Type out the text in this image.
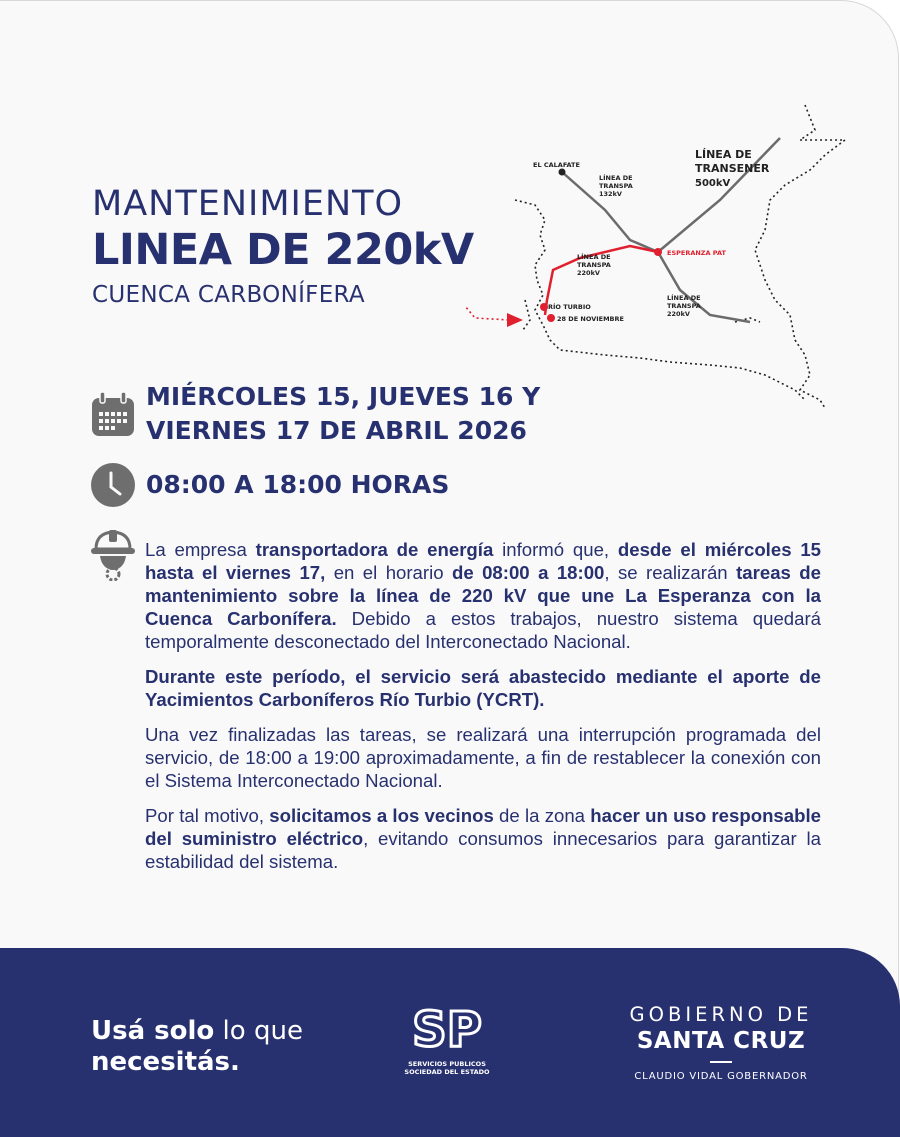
MANTENIMIENTO
LINEA DE 220kV
CUENCA CARBONÍFERA
EL CALAFATE
LÍNEA DE
TRANSPA
132kV
LÍNEA DE
TRANSENER
500kV
ESPERANZA PAT
LÍNEA DE
TRANSPA
220kV
LÍNEA DE
TRANSPA
220kV
RÍO TURBIO
28 DE NOVIEMBRE
MIÉRCOLES 15, JUEVES 16 Y
VIERNES 17 DE ABRIL 2026
08:00 A 18:00 HORAS

La empresa transportadora de energía informó que, desde el miércoles 15 hasta el viernes 17, en el horario de 08:00 a 18:00, se realizarán tareas de mantenimiento sobre la línea de 220 kV que une La Esperanza con la Cuenca Carbonífera. Debido a estos trabajos, nuestro sistema quedará temporalmente desconectado del Interconectado Nacional.

Durante este período, el servicio será abastecido mediante el aporte de Yacimientos Carboníferos Río Turbio (YCRT).

Una vez finalizadas las tareas, se realizará una interrupción programada del servicio, de 18:00 a 19:00 aproximadamente, a fin de restablecer la conexión con el Sistema Interconectado Nacional.

Por tal motivo, solicitamos a los vecinos de la zona hacer un uso responsable del suministro eléctrico, evitando consumos innecesarios para garantizar la estabilidad del sistema.

Usá solo lo que
necesitás.
SP
SERVICIOS PUBLICOS
SOCIEDAD DEL ESTADO
GOBIERNO DE
SANTA CRUZ
CLAUDIO VIDAL GOBERNADOR
